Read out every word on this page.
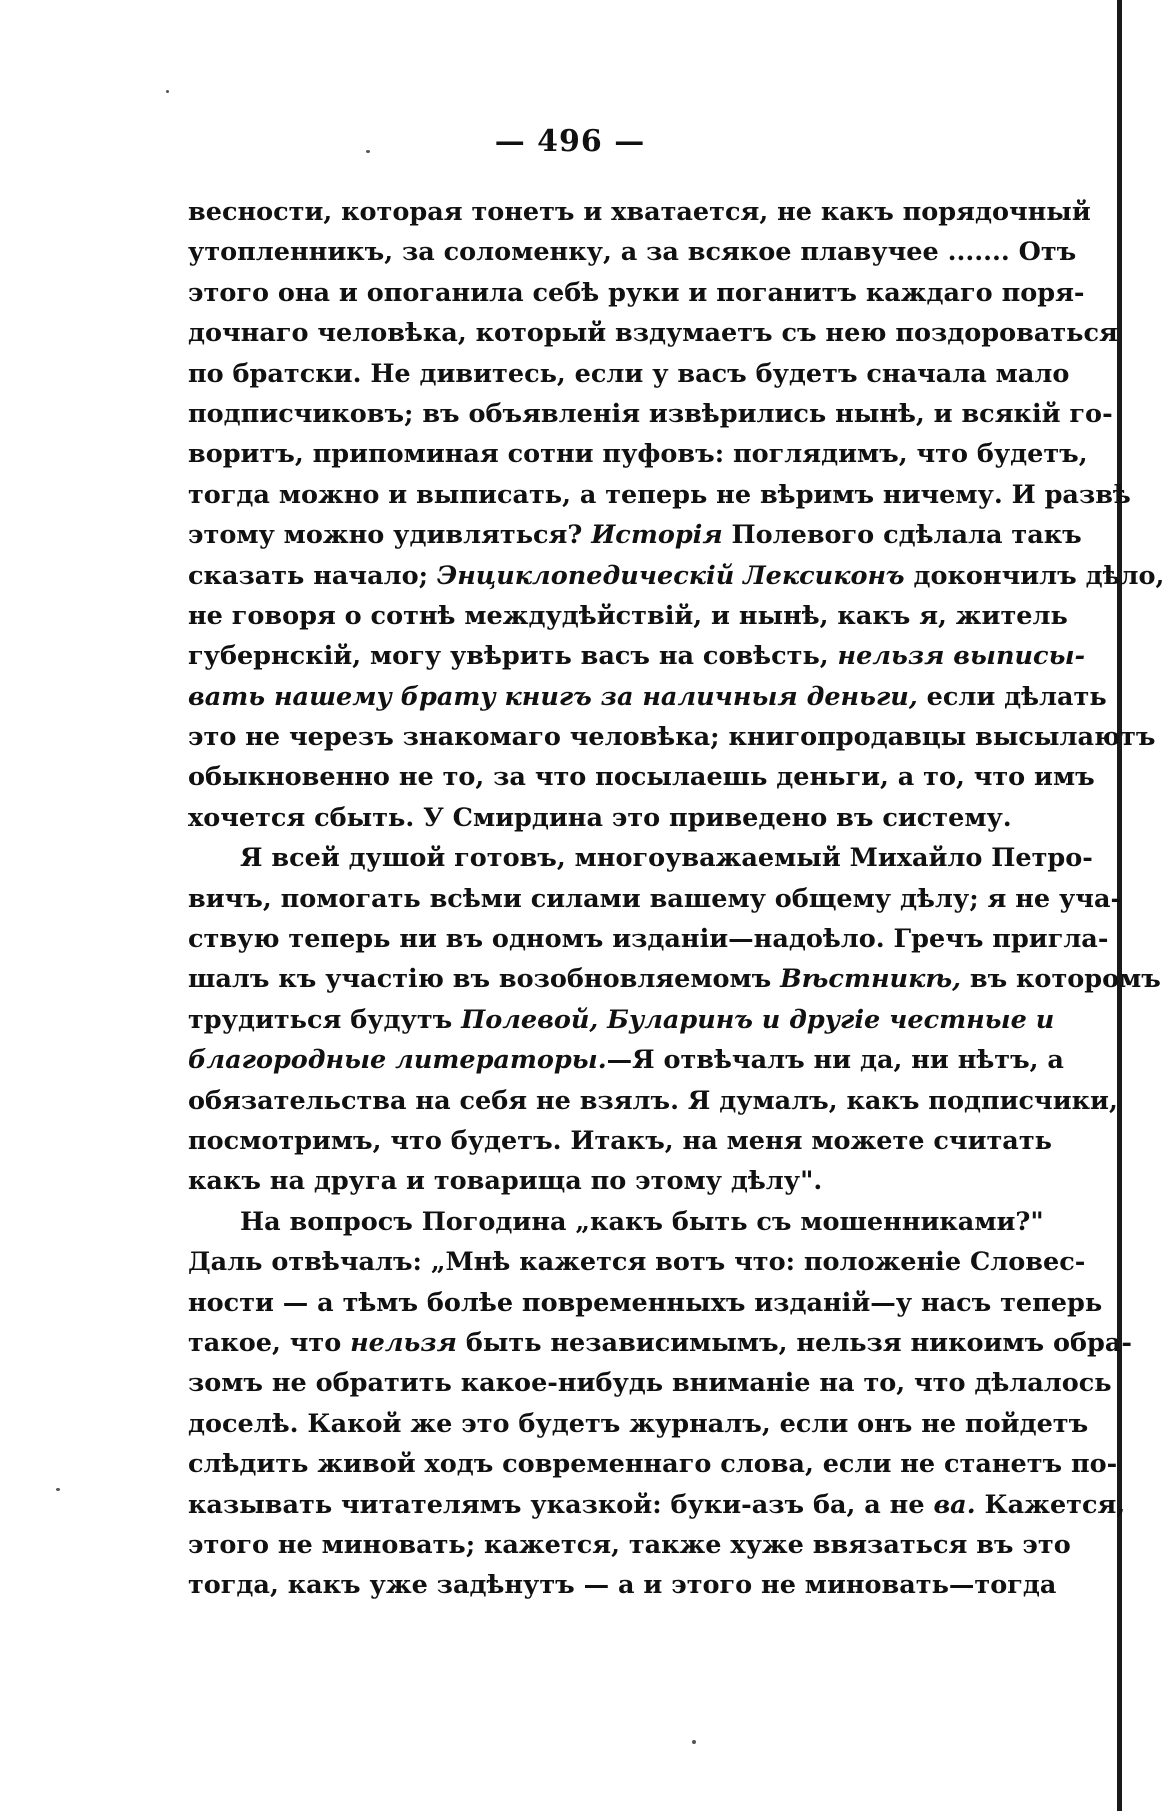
— 496 —
весности, которая тонетъ и хватается, не какъ порядочный
утопленникъ, за соломенку, а за всякое плавучее ....... Отъ
этого она и опоганила себѣ руки и поганитъ каждаго поря-
дочнаго человѣка, который вздумаетъ съ нею поздороваться
по братски. Не дивитесь, если у васъ будетъ сначала мало
подписчиковъ; въ объявленія извѣрились нынѣ, и всякій го-
воритъ, припоминая сотни пуфовъ: поглядимъ, что будетъ,
тогда можно и выписать, а теперь не вѣримъ ничему. И развѣ
этому можно удивляться? Исторія Полевого сдѣлала такъ
сказать начало; Энциклопедическій Лексиконъ докончилъ дѣло,
не говоря о сотнѣ междудѣйствій, и нынѣ, какъ я, житель
губернскій, могу увѣрить васъ на совѣсть, нельзя выписы-
вать нашему брату книгъ за наличныя деньги, если дѣлать
это не черезъ знакомаго человѣка; книгопродавцы высылаютъ
обыкновенно не то, за что посылаешь деньги, а то, что имъ
хочется сбыть. У Смирдина это приведено въ систему.
Я всей душой готовъ, многоуважаемый Михайло Петро-
вичъ, помогать всѣми силами вашему общему дѣлу; я не уча-
ствую теперь ни въ одномъ изданіи—надоѣло. Гречъ пригла-
шалъ къ участію въ возобновляемомъ Вѣстникѣ, въ которомъ
трудиться будутъ Полевой, Булаpинъ и другіе честные и
благородные литераторы.—Я отвѣчалъ ни да, ни нѣтъ, а
обязательства на себя не взялъ. Я думалъ, какъ подписчики,
посмотримъ, что будетъ. Итакъ, на меня можете считать
какъ на друга и товарища по этому дѣлу".
На вопросъ Погодина „какъ быть съ мошенниками?"
Даль отвѣчалъ: „Мнѣ кажется вотъ что: положеніе Словес-
ности — а тѣмъ болѣе повременныхъ изданій—у насъ теперь
такое, что нельзя быть независимымъ, нельзя никоимъ обра-
зомъ не обратить какое-нибудь вниманіе на то, что дѣлалось
доселѣ. Какой же это будетъ журналъ, если онъ не пойдетъ
слѣдить живой ходъ современнаго слова, если не станетъ по-
казывать читателямъ указкой: буки-азъ ба, а не ва. Кажется,
этого не миновать; кажется, также хуже ввязаться въ это
тогда, какъ уже задѣнутъ — а и этого не миновать—тогда
